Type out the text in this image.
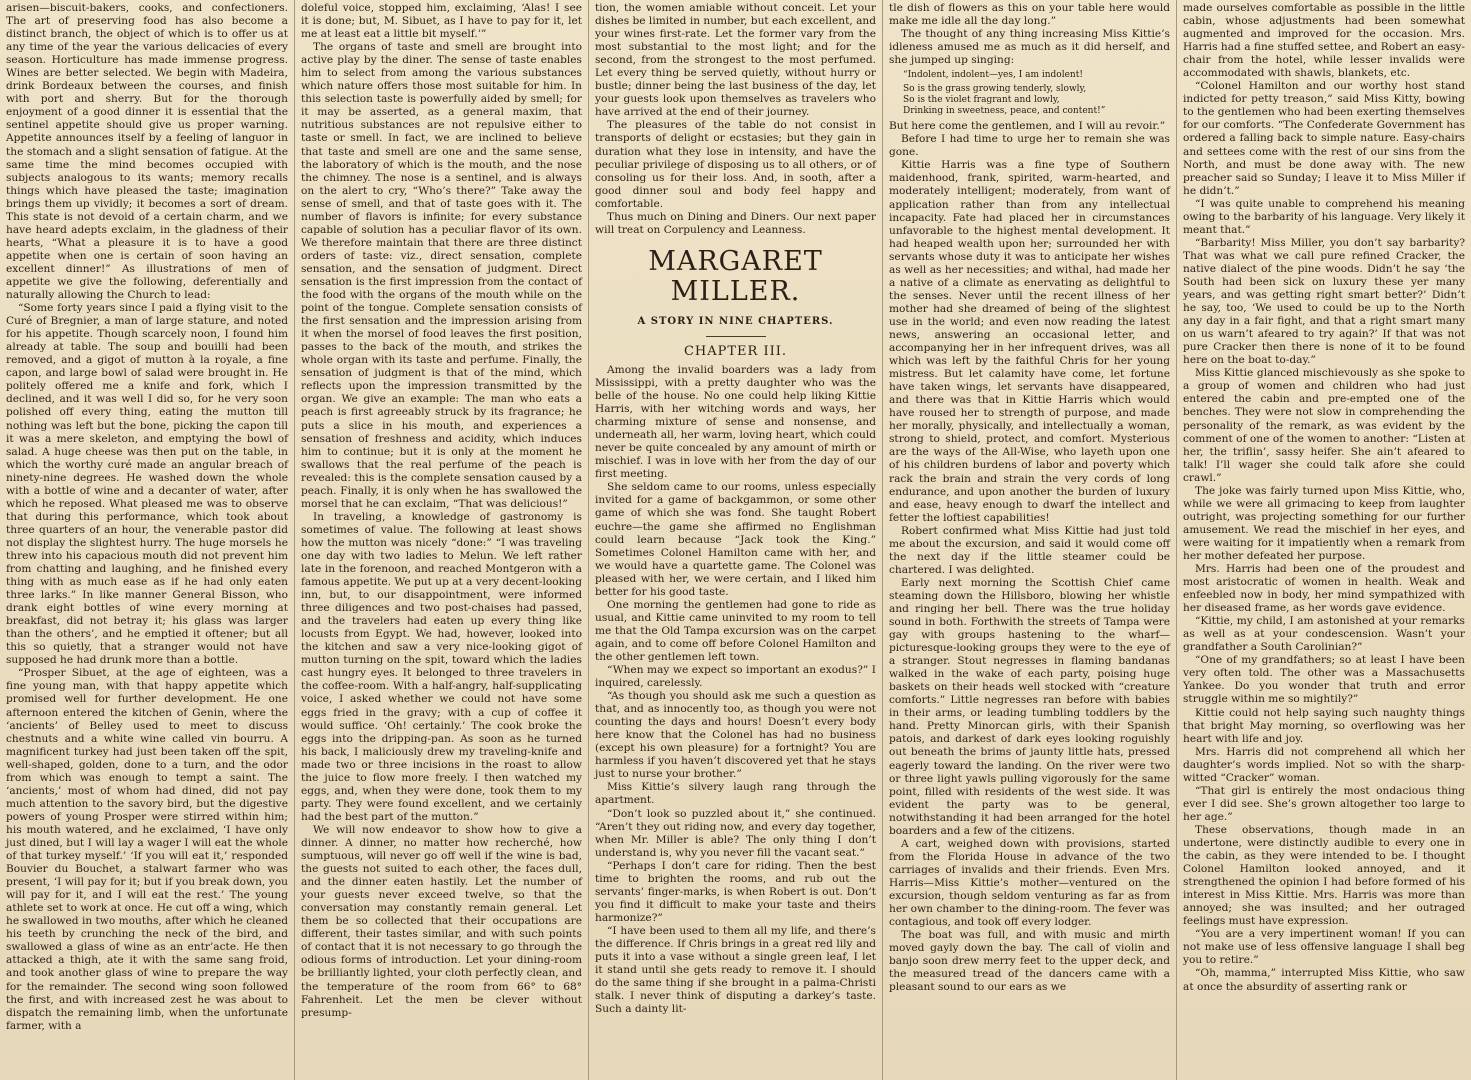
arisen—biscuit-bakers, cooks, and confectioners. The art of preserving food has also become a distinct branch, the object of which is to offer us at any time of the year the various delicacies of every season. Horticulture has made immense progress. Wines are better selected. We begin with Madeira, drink Bordeaux between the courses, and finish with port and sherry. But for the thorough enjoyment of a good dinner it is essential that the sentinel appetite should give us proper warning. Appetite announces itself by a feeling of languor in the stomach and a slight sensation of fatigue. At the same time the mind becomes occupied with subjects analogous to its wants; memory recalls things which have pleased the taste; imagination brings them up vividly; it becomes a sort of dream. This state is not devoid of a certain charm, and we have heard adepts exclaim, in the gladness of their hearts, “What a pleasure it is to have a good appetite when one is certain of soon having an excellent dinner!” As illustrations of men of appetite we give the following, deferentially and naturally allowing the Church to lead:

“Some forty years since I paid a flying visit to the Curé of Bregnier, a man of large stature, and noted for his appetite. Though scarcely noon, I found him already at table. The soup and bouilli had been removed, and a gigot of mutton à la royale, a fine capon, and large bowl of salad were brought in. He politely offered me a knife and fork, which I declined, and it was well I did so, for he very soon polished off every thing, eating the mutton till nothing was left but the bone, picking the capon till it was a mere skeleton, and emptying the bowl of salad. A huge cheese was then put on the table, in which the worthy curé made an angular breach of ninety-nine degrees. He washed down the whole with a bottle of wine and a decanter of water, after which he reposed. What pleased me was to observe that during this performance, which took about three quarters of an hour, the venerable pastor did not display the slightest hurry. The huge morsels he threw into his capacious mouth did not prevent him from chatting and laughing, and he finished every thing with as much ease as if he had only eaten three larks.” In like manner General Bisson, who drank eight bottles of wine every morning at breakfast, did not betray it; his glass was larger than the others’, and he emptied it oftener; but all this so quietly, that a stranger would not have supposed he had drunk more than a bottle.

“Prosper Sibuet, at the age of eighteen, was a fine young man, with that happy appetite which promised well for further development. He one afternoon entered the kitchen of Genin, where the ‘ancients’ of Belley used to meet to discuss chestnuts and a white wine called vin bourru. A magnificent turkey had just been taken off the spit, well-shaped, golden, done to a turn, and the odor from which was enough to tempt a saint. The ‘ancients,’ most of whom had dined, did not pay much attention to the savory bird, but the digestive powers of young Prosper were stirred within him; his mouth watered, and he exclaimed, ‘I have only just dined, but I will lay a wager I will eat the whole of that turkey myself.’ ‘If you will eat it,’ responded Bouvier du Bouchet, a stalwart farmer who was present, ‘I will pay for it; but if you break down, you will pay for it, and I will eat the rest.’ The young athlete set to work at once. He cut off a wing, which he swallowed in two mouths, after which he cleaned his teeth by crunching the neck of the bird, and swallowed a glass of wine as an entr’acte. He then attacked a thigh, ate it with the same sang froid, and took another glass of wine to prepare the way for the remainder. The second wing soon followed the first, and with increased zest he was about to dispatch the remaining limb, when the unfortunate farmer, with a

doleful voice, stopped him, exclaiming, ‘Alas! I see it is done; but, M. Sibuet, as I have to pay for it, let me at least eat a little bit myself.’”

The organs of taste and smell are brought into active play by the diner. The sense of taste enables him to select from among the various substances which nature offers those most suitable for him. In this selection taste is powerfully aided by smell; for it may be asserted, as a general maxim, that nutritious substances are not repulsive either to taste or smell. In fact, we are inclined to believe that taste and smell are one and the same sense, the laboratory of which is the mouth, and the nose the chimney. The nose is a sentinel, and is always on the alert to cry, “Who’s there?” Take away the sense of smell, and that of taste goes with it. The number of flavors is infinite; for every substance capable of solution has a peculiar flavor of its own. We therefore maintain that there are three distinct orders of taste: viz., direct sensation, complete sensation, and the sensation of judgment. Direct sensation is the first impression from the contact of the food with the organs of the mouth while on the point of the tongue. Complete sensation consists of the first sensation and the impression arising from it when the morsel of food leaves the first position, passes to the back of the mouth, and strikes the whole organ with its taste and perfume. Finally, the sensation of judgment is that of the mind, which reflects upon the impression transmitted by the organ. We give an example: The man who eats a peach is first agreeably struck by its fragrance; he puts a slice in his mouth, and experiences a sensation of freshness and acidity, which induces him to continue; but it is only at the moment he swallows that the real perfume of the peach is revealed: this is the complete sensation caused by a peach. Finally, it is only when he has swallowed the morsel that he can exclaim, “That was delicious!”

In traveling, a knowledge of gastronomy is sometimes of value. The following at least shows how the mutton was nicely “done:” “I was traveling one day with two ladies to Melun. We left rather late in the forenoon, and reached Montgeron with a famous appetite. We put up at a very decent-looking inn, but, to our disappointment, were informed three diligences and two post-chaises had passed, and the travelers had eaten up every thing like locusts from Egypt. We had, however, looked into the kitchen and saw a very nice-looking gigot of mutton turning on the spit, toward which the ladies cast hungry eyes. It belonged to three travelers in the coffee-room. With a half-angry, half-supplicating voice, I asked whether we could not have some eggs fried in the gravy; with a cup of coffee it would suffice. ‘Oh! certainly.’ The cook broke the eggs into the dripping-pan. As soon as he turned his back, I maliciously drew my traveling-knife and made two or three incisions in the roast to allow the juice to flow more freely. I then watched my eggs, and, when they were done, took them to my party. They were found excellent, and we certainly had the best part of the mutton.”

We will now endeavor to show how to give a dinner. A dinner, no matter how recherché, how sumptuous, will never go off well if the wine is bad, the guests not suited to each other, the faces dull, and the dinner eaten hastily. Let the number of your guests never exceed twelve, so that the conversation may constantly remain general. Let them be so collected that their occupations are different, their tastes similar, and with such points of contact that it is not necessary to go through the odious forms of introduction. Let your dining-room be brilliantly lighted, your cloth perfectly clean, and the temperature of the room from 66° to 68° Fahrenheit. Let the men be clever without presump-

tion, the women amiable without conceit. Let your dishes be limited in number, but each excellent, and your wines first-rate. Let the former vary from the most substantial to the most light; and for the second, from the strongest to the most perfumed. Let every thing be served quietly, without hurry or bustle; dinner being the last business of the day, let your guests look upon themselves as travelers who have arrived at the end of their journey.

The pleasures of the table do not consist in transports of delight or ecstasies; but they gain in duration what they lose in intensity, and have the peculiar privilege of disposing us to all others, or of consoling us for their loss. And, in sooth, after a good dinner soul and body feel happy and comfortable.

Thus much on Dining and Diners. Our next paper will treat on Corpulency and Leanness.

MARGARET MILLER.
A STORY IN NINE CHAPTERS.
CHAPTER III.

Among the invalid boarders was a lady from Mississippi, with a pretty daughter who was the belle of the house. No one could help liking Kittie Harris, with her witching words and ways, her charming mixture of sense and nonsense, and underneath all, her warm, loving heart, which could never be quite concealed by any amount of mirth or mischief. I was in love with her from the day of our first meeting.

She seldom came to our rooms, unless especially invited for a game of backgammon, or some other game of which she was fond. She taught Robert euchre—the game she affirmed no Englishman could learn because “Jack took the King.” Sometimes Colonel Hamilton came with her, and we would have a quartette game. The Colonel was pleased with her, we were certain, and I liked him better for his good taste.

One morning the gentlemen had gone to ride as usual, and Kittie came uninvited to my room to tell me that the Old Tampa excursion was on the carpet again, and to come off before Colonel Hamilton and the other gentlemen left town.

“When may we expect so important an exodus?” I inquired, carelessly.

“As though you should ask me such a question as that, and as innocently too, as though you were not counting the days and hours! Doesn’t every body here know that the Colonel has had no business (except his own pleasure) for a fortnight? You are harmless if you haven’t discovered yet that he stays just to nurse your brother.”

Miss Kittie’s silvery laugh rang through the apartment.

“Don’t look so puzzled about it,” she continued. “Aren’t they out riding now, and every day together, when Mr. Miller is able? The only thing I don’t understand is, why you never fill the vacant seat.”

“Perhaps I don’t care for riding. Then the best time to brighten the rooms, and rub out the servants’ finger-marks, is when Robert is out. Don’t you find it difficult to make your taste and theirs harmonize?”

“I have been used to them all my life, and there’s the difference. If Chris brings in a great red lily and puts it into a vase without a single green leaf, I let it stand until she gets ready to remove it. I should do the same thing if she brought in a palma-Christi stalk. I never think of disputing a darkey’s taste. Such a dainty lit-

tle dish of flowers as this on your table here would make me idle all the day long.”

The thought of any thing increasing Miss Kittie’s idleness amused me as much as it did herself, and she jumped up singing:

“Indolent, indolent—yes, I am indolent!

So is the grass growing tenderly, slowly,

So is the violet fragrant and lowly,

Drinking in sweetness, peace, and content!”

But here come the gentlemen, and I will au revoir.”

Before I had time to urge her to remain she was gone.

Kittie Harris was a fine type of Southern maidenhood, frank, spirited, warm-hearted, and moderately intelligent; moderately, from want of application rather than from any intellectual incapacity. Fate had placed her in circumstances unfavorable to the highest mental development. It had heaped wealth upon her; surrounded her with servants whose duty it was to anticipate her wishes as well as her necessities; and withal, had made her a native of a climate as enervating as delightful to the senses. Never until the recent illness of her mother had she dreamed of being of the slightest use in the world; and even now reading the latest news, answering an occasional letter, and accompanying her in her infrequent drives, was all which was left by the faithful Chris for her young mistress. But let calamity have come, let fortune have taken wings, let servants have disappeared, and there was that in Kittie Harris which would have roused her to strength of purpose, and made her morally, physically, and intellectually a woman, strong to shield, protect, and comfort. Mysterious are the ways of the All-Wise, who layeth upon one of his children burdens of labor and poverty which rack the brain and strain the very cords of long endurance, and upon another the burden of luxury and ease, heavy enough to dwarf the intellect and fetter the loftiest capabilities!

Robert confirmed what Miss Kittie had just told me about the excursion, and said it would come off the next day if the little steamer could be chartered. I was delighted.

Early next morning the Scottish Chief came steaming down the Hillsboro, blowing her whistle and ringing her bell. There was the true holiday sound in both. Forthwith the streets of Tampa were gay with groups hastening to the wharf—picturesque-looking groups they were to the eye of a stranger. Stout negresses in flaming bandanas walked in the wake of each party, poising huge baskets on their heads well stocked with “creature comforts.” Little negresses ran before with babies in their arms, or leading tumbling toddlers by the hand. Pretty Minorcan girls, with their Spanish patois, and darkest of dark eyes looking roguishly out beneath the brims of jaunty little hats, pressed eagerly toward the landing. On the river were two or three light yawls pulling vigorously for the same point, filled with residents of the west side. It was evident the party was to be general, notwithstanding it had been arranged for the hotel boarders and a few of the citizens.

A cart, weighed down with provisions, started from the Florida House in advance of the two carriages of invalids and their friends. Even Mrs. Harris—Miss Kittie’s mother—ventured on the excursion, though seldom venturing as far as from her own chamber to the dining-room. The fever was contagious, and took off every lodger.

The boat was full, and with music and mirth moved gayly down the bay. The call of violin and banjo soon drew merry feet to the upper deck, and the measured tread of the dancers came with a pleasant sound to our ears as we

made ourselves comfortable as possible in the little cabin, whose adjustments had been somewhat augmented and improved for the occasion. Mrs. Harris had a fine stuffed settee, and Robert an easy-chair from the hotel, while lesser invalids were accommodated with shawls, blankets, etc.

“Colonel Hamilton and our worthy host stand indicted for petty treason,” said Miss Kitty, bowing to the gentlemen who had been exerting themselves for our comforts. “The Confederate Government has ordered a falling back to simple nature. Easy-chairs and settees come with the rest of our sins from the North, and must be done away with. The new preacher said so Sunday; I leave it to Miss Miller if he didn’t.”

“I was quite unable to comprehend his meaning owing to the barbarity of his language. Very likely it meant that.”

“Barbarity! Miss Miller, you don’t say barbarity? That was what we call pure refined Cracker, the native dialect of the pine woods. Didn’t he say ‘the South had been sick on luxury these yer many years, and was getting right smart better?’ Didn’t he say, too, ‘We used to could be up to the North any day in a fair fight, and that a right smart many on us warn’t afeared to try again?’ If that was not pure Cracker then there is none of it to be found here on the boat to-day.”

Miss Kittie glanced mischievously as she spoke to a group of women and children who had just entered the cabin and pre-empted one of the benches. They were not slow in comprehending the personality of the remark, as was evident by the comment of one of the women to another: “Listen at her, the triflin’, sassy heifer. She ain’t afeared to talk! I’ll wager she could talk afore she could crawl.”

The joke was fairly turned upon Miss Kittie, who, while we were all grimacing to keep from laughter outright, was projecting something for our further amusement. We read the mischief in her eyes, and were waiting for it impatiently when a remark from her mother defeated her purpose.

Mrs. Harris had been one of the proudest and most aristocratic of women in health. Weak and enfeebled now in body, her mind sympathized with her diseased frame, as her words gave evidence.

“Kittie, my child, I am astonished at your remarks as well as at your condescension. Wasn’t your grandfather a South Carolinian?”

“One of my grandfathers; so at least I have been very often told. The other was a Massachusetts Yankee. Do you wonder that truth and error struggle within me so mightily?”

Kittie could not help saying such naughty things that bright May morning, so overflowing was her heart with life and joy.

Mrs. Harris did not comprehend all which her daughter’s words implied. Not so with the sharp-witted “Cracker” woman.

“That girl is entirely the most ondacious thing ever I did see. She’s grown altogether too large to her age.”

These observations, though made in an undertone, were distinctly audible to every one in the cabin, as they were intended to be. I thought Colonel Hamilton looked annoyed, and it strengthened the opinion I had before formed of his interest in Miss Kittie. Mrs. Harris was more than annoyed; she was insulted; and her outraged feelings must have expression.

“You are a very impertinent woman! If you can not make use of less offensive language I shall beg you to retire.”

“Oh, mamma,” interrupted Miss Kittie, who saw at once the absurdity of asserting rank or
